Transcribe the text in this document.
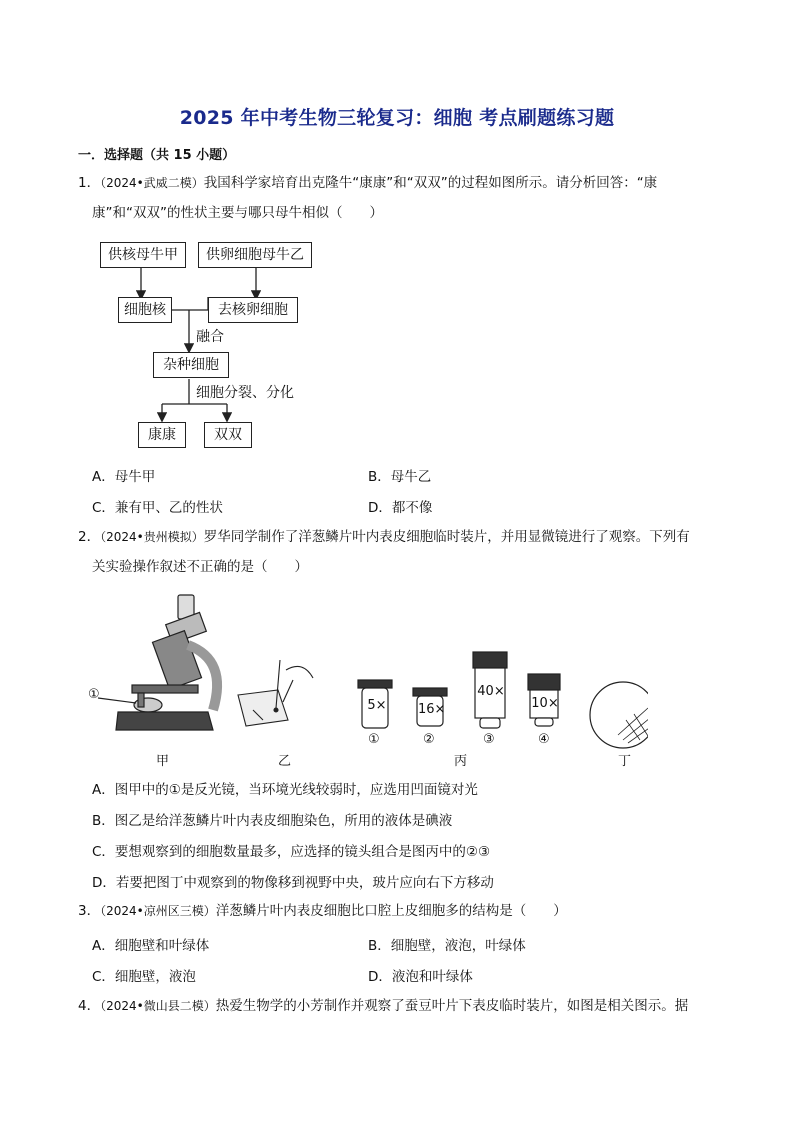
2025 年中考生物三轮复习：细胞 考点刷题练习题
一．选择题（共 15 小题）
1．（2024•武威二模）我国科学家培育出克隆牛“康康”和“双双”的过程如图所示。请分析回答：“康
康”和“双双”的性状主要与哪只母牛相似（　　）
供核母牛甲	供卵细胞母牛乙
细胞核	去核卵细胞
融合
杂种细胞
细胞分裂、分化
康康	双双
A．母牛甲	B．母牛乙
C．兼有甲、乙的性状	D．都不像
2．（2024•贵州模拟）罗华同学制作了洋葱鳞片叶内表皮细胞临时装片，并用显微镜进行了观察。下列有
关实验操作叙述不正确的是（　　）
①
5× 16×
40×
10×
①	②	③	④
甲	乙	丙	丁
A．图甲中的①是反光镜，当环境光线较弱时，应选用凹面镜对光
B．图乙是给洋葱鳞片叶内表皮细胞染色，所用的液体是碘液
C．要想观察到的细胞数量最多，应选择的镜头组合是图丙中的②③
D．若要把图丁中观察到的物像移到视野中央，玻片应向右下方移动
3．（2024•凉州区三模）洋葱鳞片叶内表皮细胞比口腔上皮细胞多的结构是（　　）
A．细胞壁和叶绿体	B．细胞壁，液泡，叶绿体
C．细胞壁，液泡	D．液泡和叶绿体
4．（2024•微山县二模）热爱生物学的小芳制作并观察了蚕豆叶片下表皮临时装片，如图是相关图示。据
